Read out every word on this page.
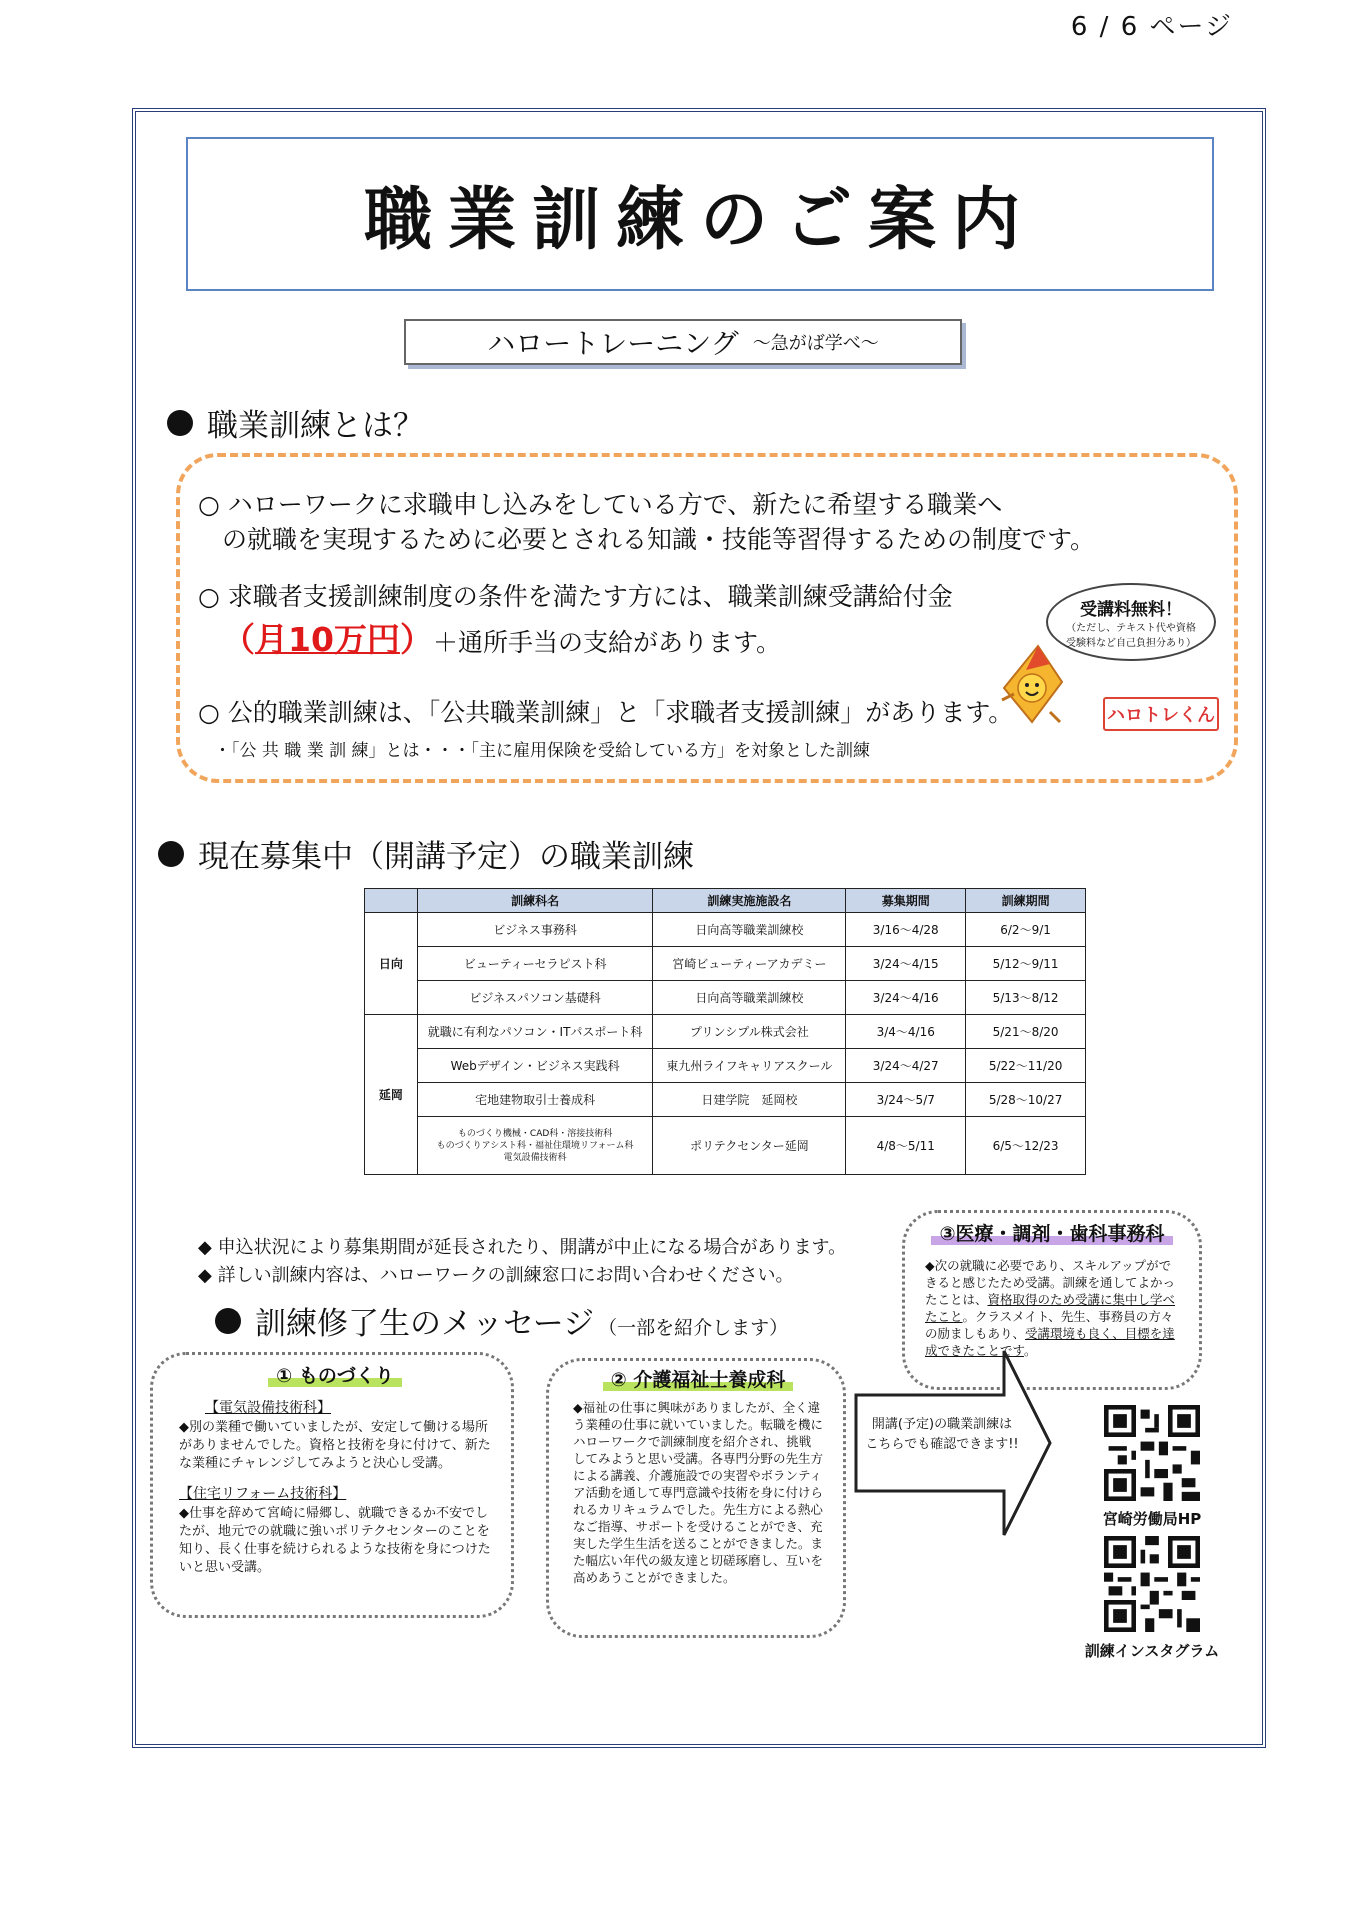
6 / 6 ページ
職業訓練のご案内
ハロートレーニング ～急がば学べ～
職業訓練とは？
○ ハローワークに求職申し込みをしている方で、新たに希望する職業へ
の就職を実現するために必要とされる知識・技能等習得するための制度です。
○ 求職者支援訓練制度の条件を満たす方には、職業訓練受講給付金
（月10万円）＋通所手当の支給があります。
○ 公的職業訓練は、「公共職業訓練」と「求職者支援訓練」があります。
・「公 共 職 業 訓 練」とは・・・「主に雇用保険を受給している方」を対象とした訓練
受講料無料！
（ただし、テキスト代や資格
受験料など自己負担分あり）
ハロトレくん
現在募集中（開講予定）の職業訓練
	訓練科名	訓練実施施設名	募集期間	訓練期間
日向	ビジネス事務科	日向高等職業訓練校	3/16～4/28	6/2～9/1
	ビューティーセラピスト科	宮崎ビューティーアカデミー	3/24～4/15	5/12～9/11
	ビジネスパソコン基礎科	日向高等職業訓練校	3/24～4/16	5/13～8/12
延岡	就職に有利なパソコン・ITパスポート科	プリンシプル株式会社	3/4～4/16	5/21～8/20
	Webデザイン・ビジネス実践科	東九州ライフキャリアスクール	3/24～4/27	5/22～11/20
	宅地建物取引士養成科	日建学院　延岡校	3/24～5/7	5/28～10/27

	ものづくり機械・CAD科・溶接技術科
ものづくりアシスト科・福祉住環境リフォーム科
電気設備技術科	ポリテクセンター延岡	4/8～5/11	6/5～12/23
◆ 申込状況により募集期間が延長されたり、開講が中止になる場合があります。
◆ 詳しい訓練内容は、ハローワークの訓練窓口にお問い合わせください。
訓練修了生のメッセージ （一部を紹介します）
① ものづくり
【電気設備技術科】

◆別の業種で働いていましたが、安定して働ける場所がありませんでした。資格と技術を身に付けて、新たな業種にチャレンジしてみようと決心し受講。

【住宅リフォーム技術科】

◆仕事を辞めて宮崎に帰郷し、就職できるか不安でしたが、地元での就職に強いポリテクセンターのことを知り、長く仕事を続けられるような技術を身につけたいと思い受講。

② 介護福祉士養成科

◆福祉の仕事に興味がありましたが、全く違う業種の仕事に就いていました。転職を機にハローワークで訓練制度を紹介され、挑戦してみようと思い受講。各専門分野の先生方による講義、介護施設での実習やボランティア活動を通して専門意識や技術を身に付けられるカリキュラムでした。先生方による熱心なご指導、サポートを受けることができ、充実した学生生活を送ることができました。また幅広い年代の級友達と切磋琢磨し、互いを高めあうことができました。

③医療・調剤・歯科事務科

◆次の就職に必要であり、スキルアップができると感じたため受講。訓練を通してよかったことは、資格取得のため受講に集中し学べたこと。クラスメイト、先生、事務員の方々の励ましもあり、受講環境も良く、目標を達成できたことです。

開講(予定)の職業訓練は
こちらでも確認できます!!
宮崎労働局HP
訓練インスタグラム
